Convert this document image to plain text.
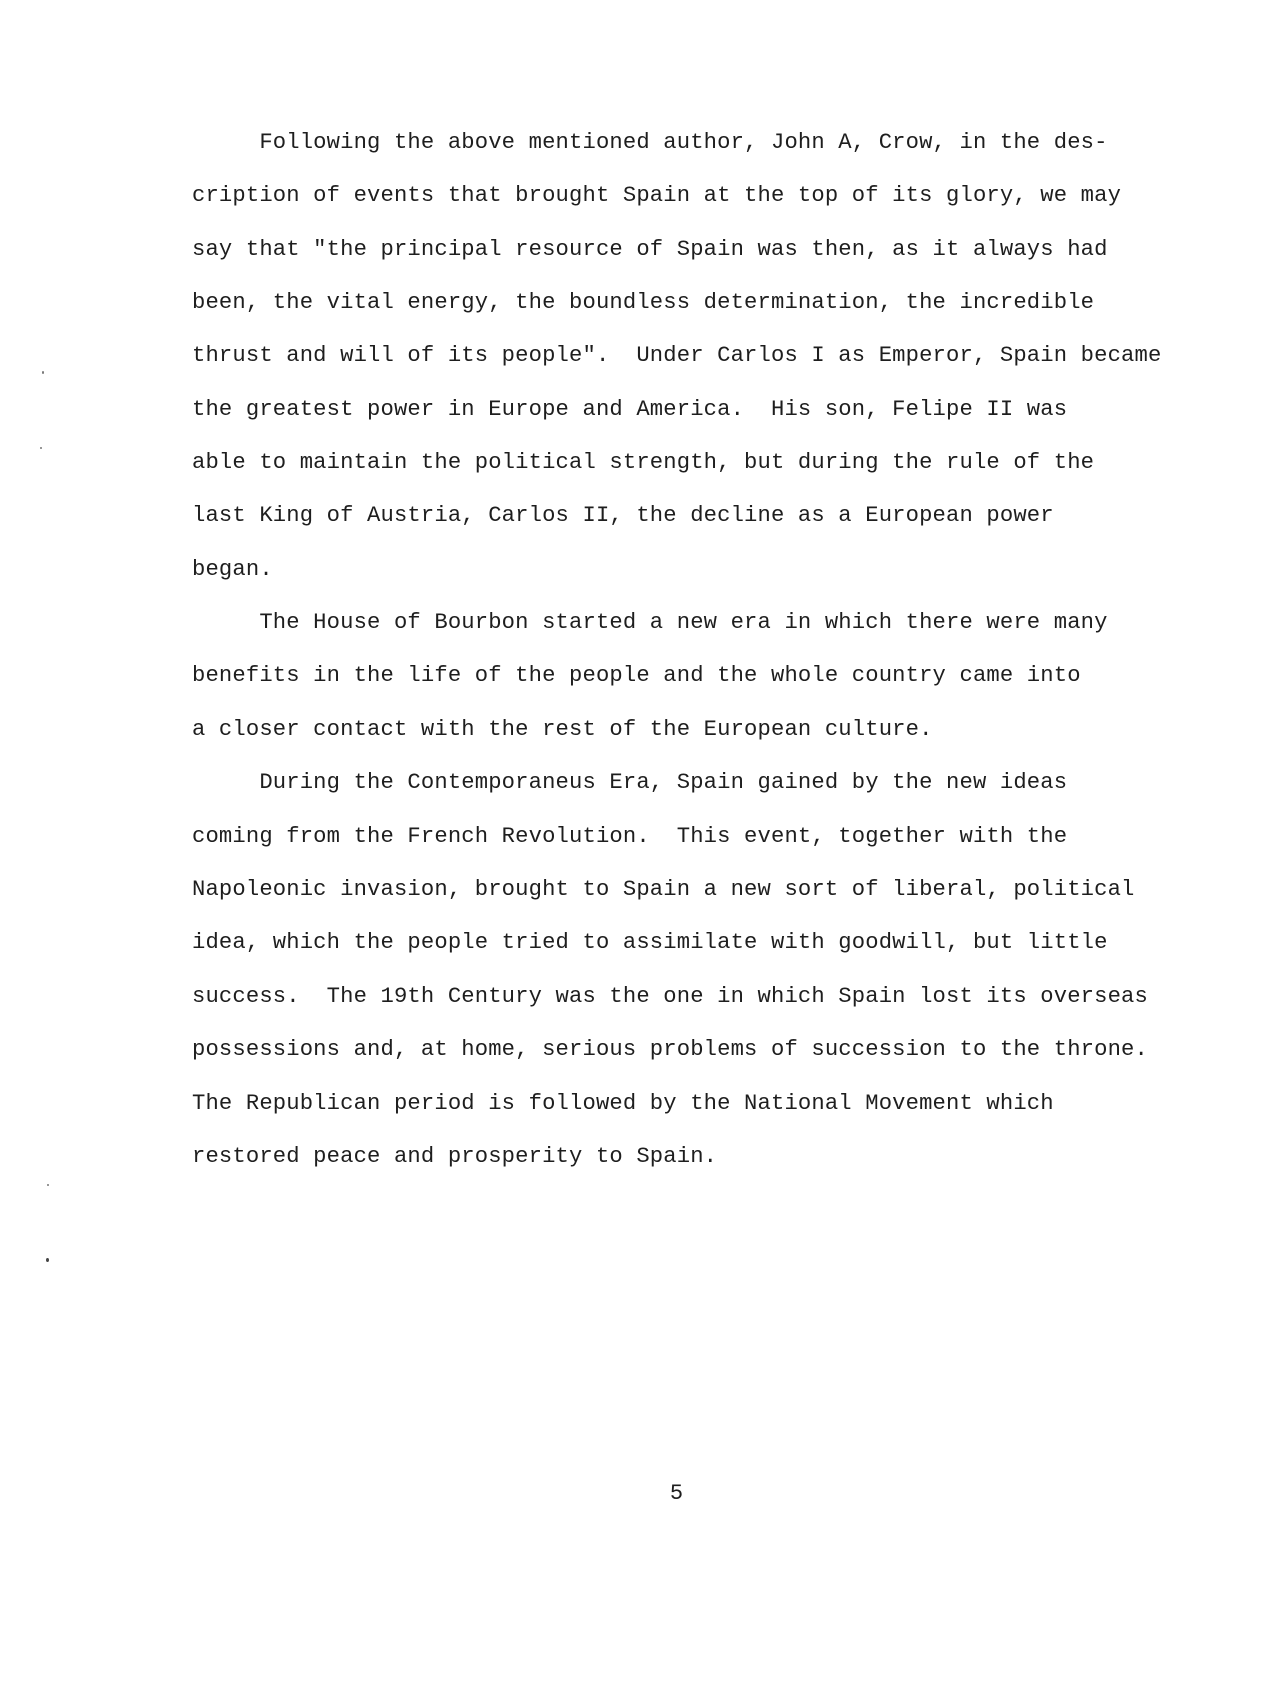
Following the above mentioned author, John A, Crow, in the des-
cription of events that brought Spain at the top of its glory, we may
say that "the principal resource of Spain was then, as it always had
been, the vital energy, the boundless determination, the incredible
thrust and will of its people".  Under Carlos I as Emperor, Spain became
the greatest power in Europe and America.  His son, Felipe II was
able to maintain the political strength, but during the rule of the
last King of Austria, Carlos II, the decline as a European power
began.
The House of Bourbon started a new era in which there were many
benefits in the life of the people and the whole country came into
a closer contact with the rest of the European culture.
During the Contemporaneus Era, Spain gained by the new ideas
coming from the French Revolution.  This event, together with the
Napoleonic invasion, brought to Spain a new sort of liberal, political
idea, which the people tried to assimilate with goodwill, but little
success.  The 19th Century was the one in which Spain lost its overseas
possessions and, at home, serious problems of succession to the throne.
The Republican period is followed by the National Movement which
restored peace and prosperity to Spain.
5
